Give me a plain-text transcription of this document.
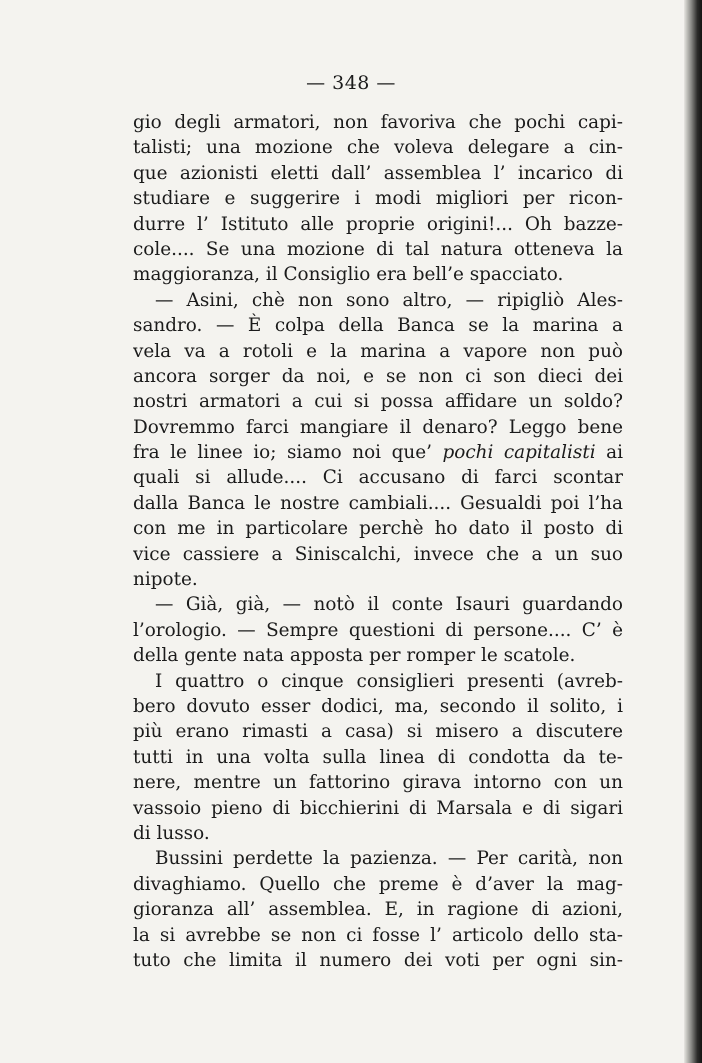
— 348 —
gio degli armatori, non favoriva che pochi capi-
talisti; una mozione che voleva delegare a cin-
que azionisti eletti dall’ assemblea l’ incarico di
studiare e suggerire i modi migliori per ricon-
durre l’ Istituto alle proprie origini!... Oh bazze-
cole.... Se una mozione di tal natura otteneva la
maggioranza, il Consiglio era bell’e spacciato.
— Asini, chè non sono altro, — ripigliò Ales-
sandro. — È colpa della Banca se la marina a
vela va a rotoli e la marina a vapore non può
ancora sorger da noi, e se non ci son dieci dei
nostri armatori a cui si possa affidare un soldo?
Dovremmo farci mangiare il denaro? Leggo bene
fra le linee io; siamo noi que’ pochi capitalisti ai
quali si allude.... Ci accusano di farci scontar
dalla Banca le nostre cambiali.... Gesualdi poi l’ha
con me in particolare perchè ho dato il posto di
vice cassiere a Siniscalchi, invece che a un suo
nipote.
— Già, già, — notò il conte Isauri guardando
l’orologio. — Sempre questioni di persone.... C’ è
della gente nata apposta per romper le scatole.
I quattro o cinque consiglieri presenti (avreb-
bero dovuto esser dodici, ma, secondo il solito, i
più erano rimasti a casa) si misero a discutere
tutti in una volta sulla linea di condotta da te-
nere, mentre un fattorino girava intorno con un
vassoio pieno di bicchierini di Marsala e di sigari
di lusso.
Bussini perdette la pazienza. — Per carità, non
divaghiamo. Quello che preme è d’aver la mag-
gioranza all’ assemblea. E, in ragione di azioni,
la si avrebbe se non ci fosse l’ articolo dello sta-
tuto che limita il numero dei voti per ogni sin-
